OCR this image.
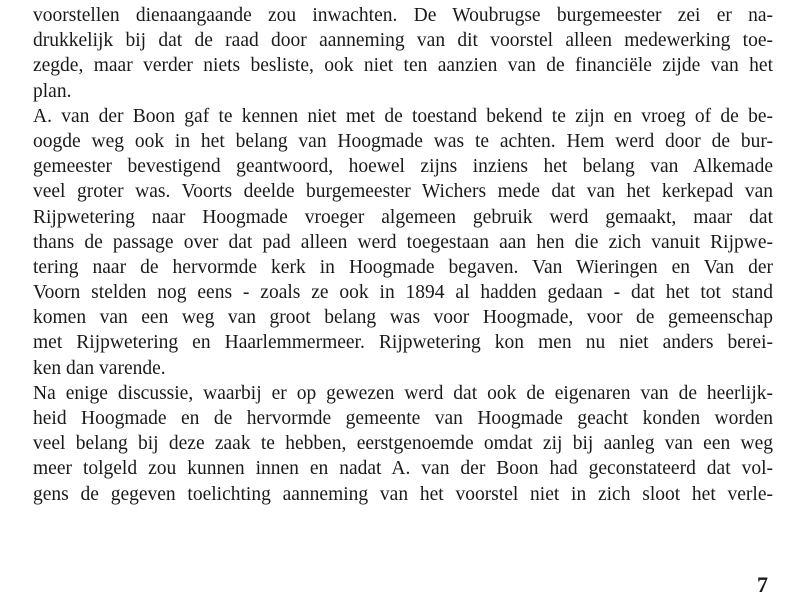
voorstellen dienaangaande zou inwachten. De Woubrugse burgemeester zei er na-
drukkelijk bij dat de raad door aanneming van dit voorstel alleen medewerking toe-
zegde, maar verder niets besliste, ook niet ten aanzien van de financiële zijde van het
plan.
A. van der Boon gaf te kennen niet met de toestand bekend te zijn en vroeg of de be-
oogde weg ook in het belang van Hoogmade was te achten. Hem werd door de bur-
gemeester bevestigend geantwoord, hoewel zijns inziens het belang van Alkemade
veel groter was. Voorts deelde burgemeester Wichers mede dat van het kerkepad van
Rijpwetering naar Hoogmade vroeger algemeen gebruik werd gemaakt, maar dat
thans de passage over dat pad alleen werd toegestaan aan hen die zich vanuit Rijpwe-
tering naar de hervormde kerk in Hoogmade begaven. Van Wieringen en Van der
Voorn stelden nog eens - zoals ze ook in 1894 al hadden gedaan - dat het tot stand
komen van een weg van groot belang was voor Hoogmade, voor de gemeenschap
met Rijpwetering en Haarlemmermeer. Rijpwetering kon men nu niet anders berei-
ken dan varende.
Na enige discussie, waarbij er op gewezen werd dat ook de eigenaren van de heerlijk-
heid Hoogmade en de hervormde gemeente van Hoogmade geacht konden worden
veel belang bij deze zaak te hebben, eerstgenoemde omdat zij bij aanleg van een weg
meer tolgeld zou kunnen innen en nadat A. van der Boon had geconstateerd dat vol-
gens de gegeven toelichting aanneming van het voorstel niet in zich sloot het verle-
7
